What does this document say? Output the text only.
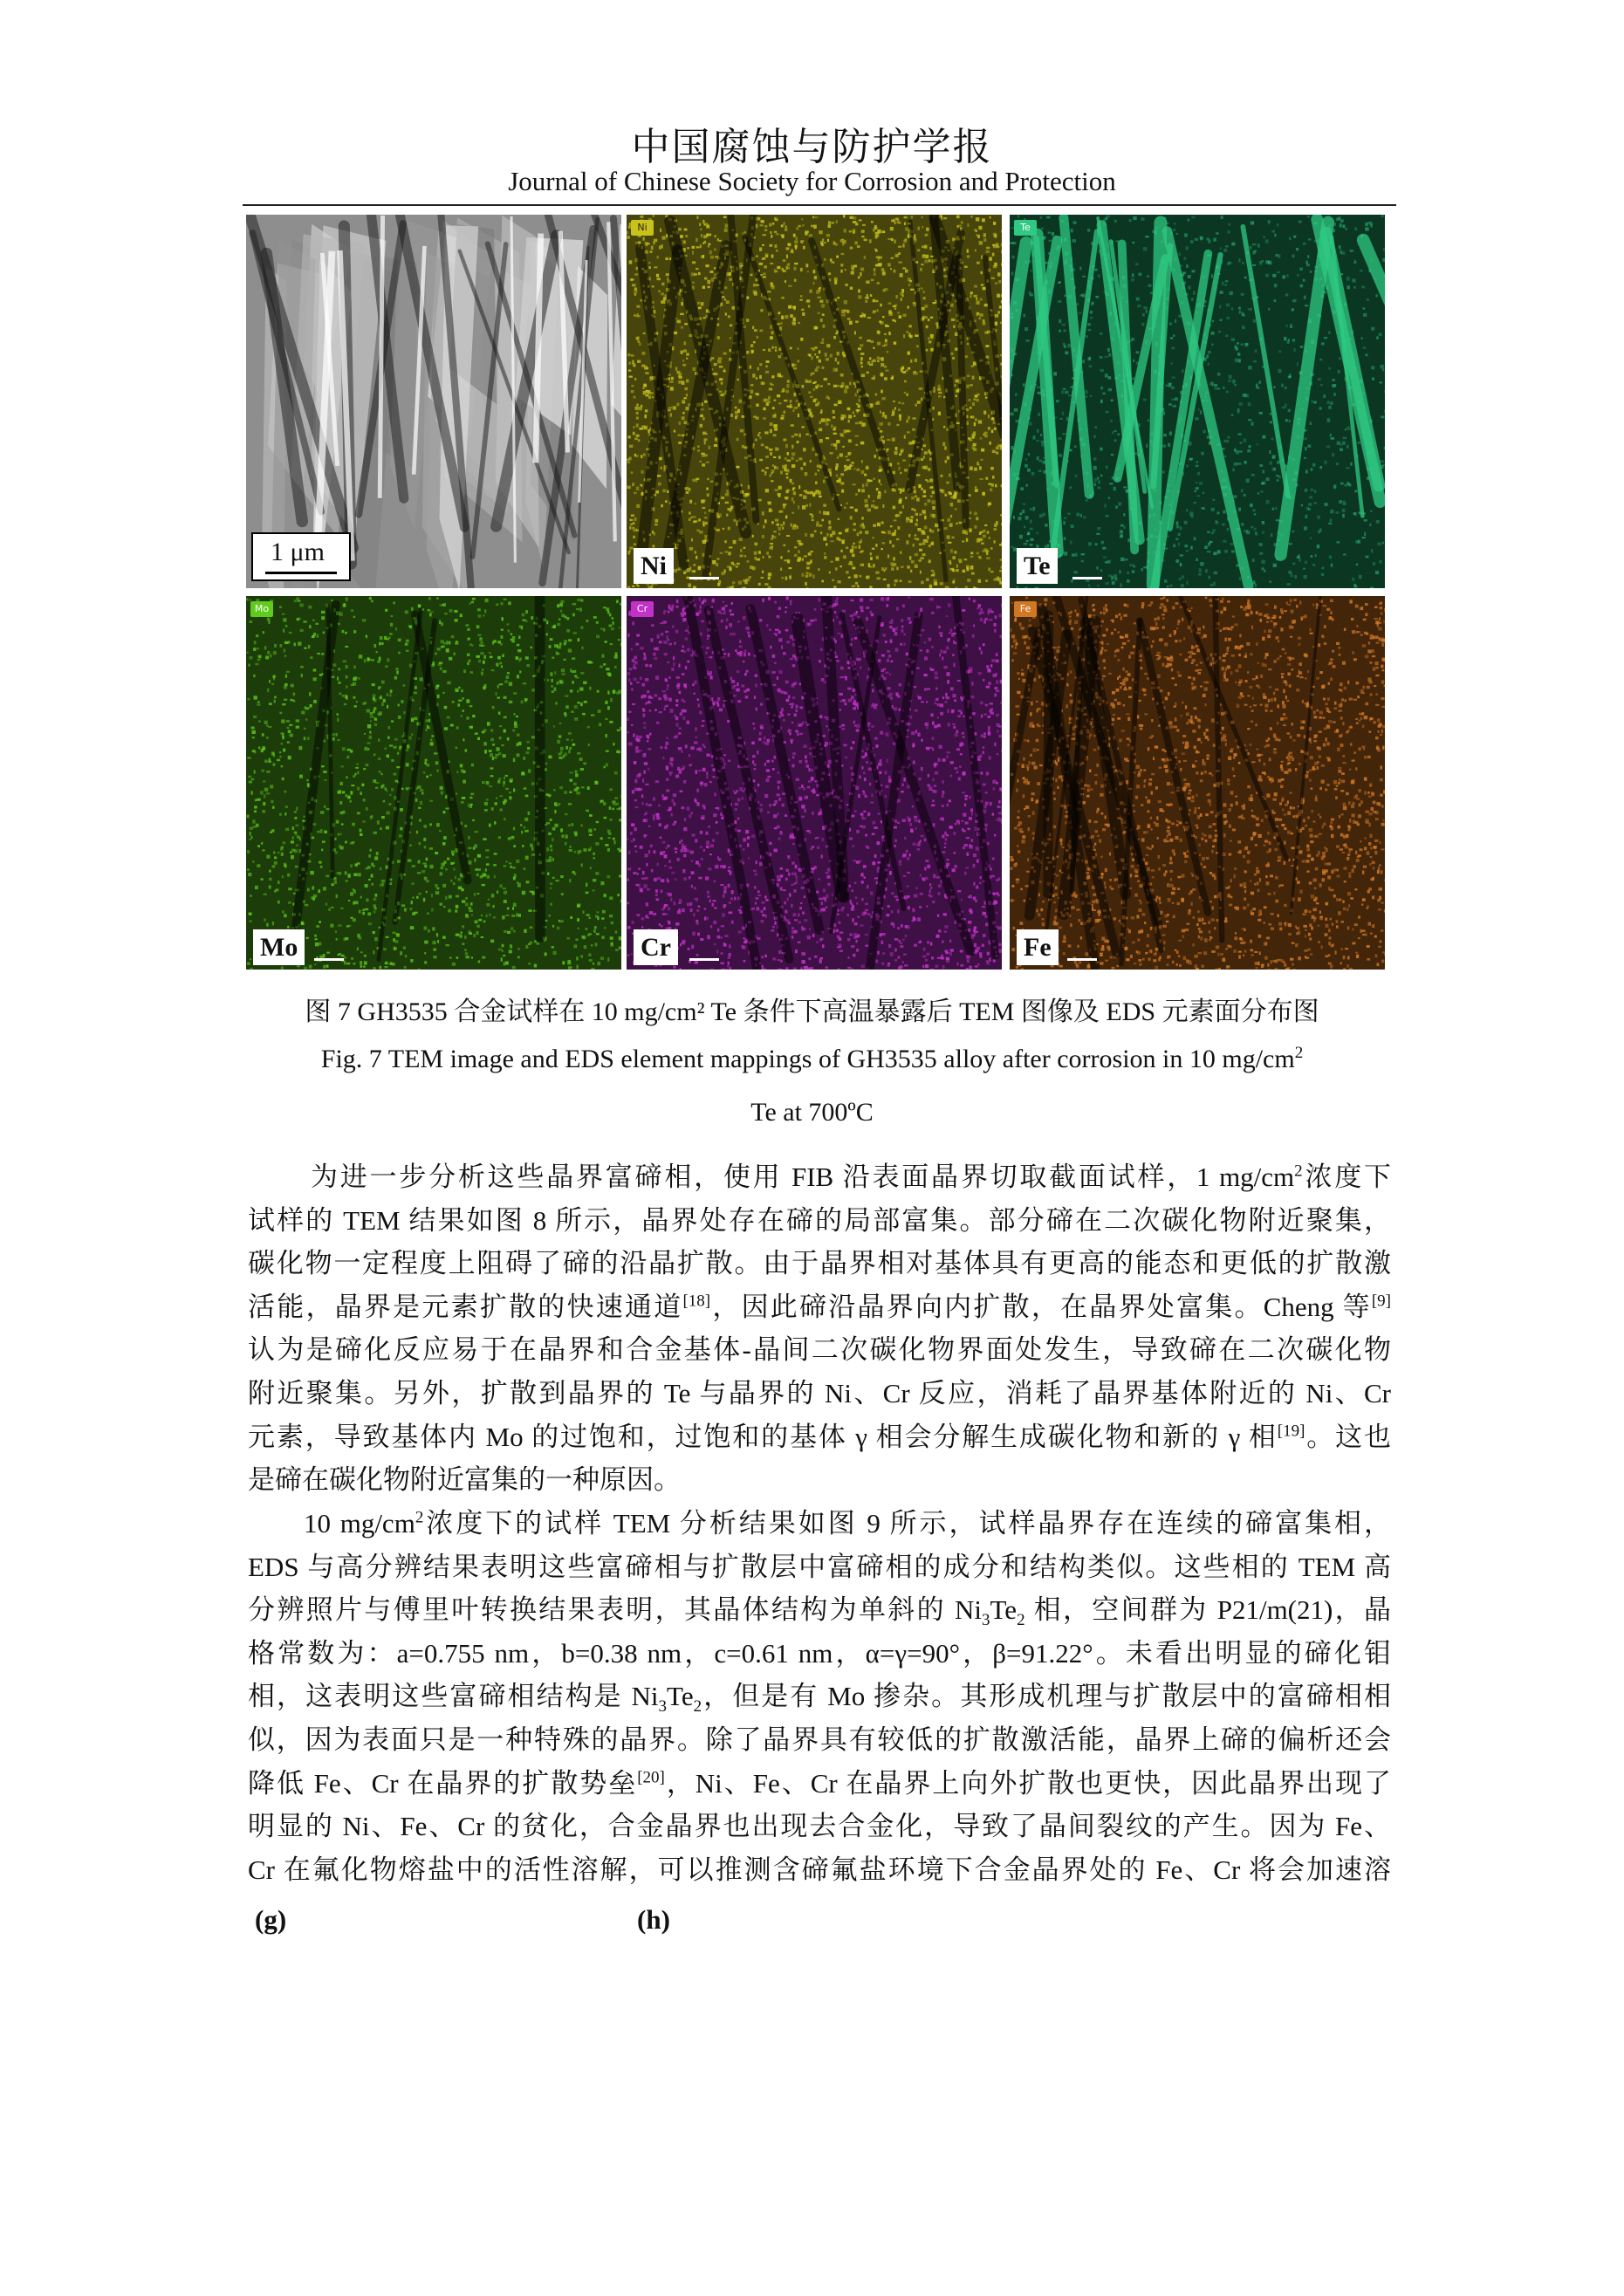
中国腐蚀与防护学报
Journal of Chinese Society for Corrosion and Protection
1 μm
Ni
Ni
Te
Te
Mo
Mo
Cr
Cr
Fe
Fe
图 7 GH3535 合金试样在 10 mg/cm² Te 条件下高温暴露后 TEM 图像及 EDS 元素面分布图
Fig. 7 TEM image and EDS element mappings of GH3535 alloy after corrosion in 10 $mg/cm^2$
Te at 700ºC
为进一步分析这些晶界富碲相，使用 FIB 沿表面晶界切取截面试样，1 $mg/cm^2$浓度下
试样的 TEM 结果如图 8 所示，晶界处存在碲的局部富集。部分碲在二次碳化物附近聚集，
碳化物一定程度上阻碍了碲的沿晶扩散。由于晶界相对基体具有更高的能态和更低的扩散激
活能，晶界是元素扩散的快速通道[18]，因此碲沿晶界向内扩散，在晶界处富集。Cheng 等[9]
认为是碲化反应易于在晶界和合金基体-晶间二次碳化物界面处发生，导致碲在二次碳化物
附近聚集。另外，扩散到晶界的 Te 与晶界的 Ni、Cr 反应，消耗了晶界基体附近的 Ni、Cr
元素，导致基体内 Mo 的过饱和，过饱和的基体 γ 相会分解生成碳化物和新的 γ 相[19]。这也
是碲在碳化物附近富集的一种原因。
10 $mg/cm^2$浓度下的试样 TEM 分析结果如图 9 所示，试样晶界存在连续的碲富集相，
EDS 与高分辨结果表明这些富碲相与扩散层中富碲相的成分和结构类似。这些相的 TEM 高
分辨照片与傅里叶转换结果表明，其晶体结构为单斜的 $Ni_3Te_2$ 相，空间群为 P21/m(21)，晶
格常数为：a=0.755 nm，b=0.38 nm，c=0.61 nm，α=γ=90°，β=91.22°。未看出明显的碲化钼
相，这表明这些富碲相结构是 $Ni_3Te_2$，但是有 Mo 掺杂。其形成机理与扩散层中的富碲相相
似，因为表面只是一种特殊的晶界。除了晶界具有较低的扩散激活能，晶界上碲的偏析还会
降低 Fe、Cr 在晶界的扩散势垒[20]，Ni、Fe、Cr 在晶界上向外扩散也更快，因此晶界出现了
明显的 Ni、Fe、Cr 的贫化，合金晶界也出现去合金化，导致了晶间裂纹的产生。因为 Fe、
Cr 在氟化物熔盐中的活性溶解，可以推测含碲氟盐环境下合金晶界处的 Fe、Cr 将会加速溶
(g)	(h)
